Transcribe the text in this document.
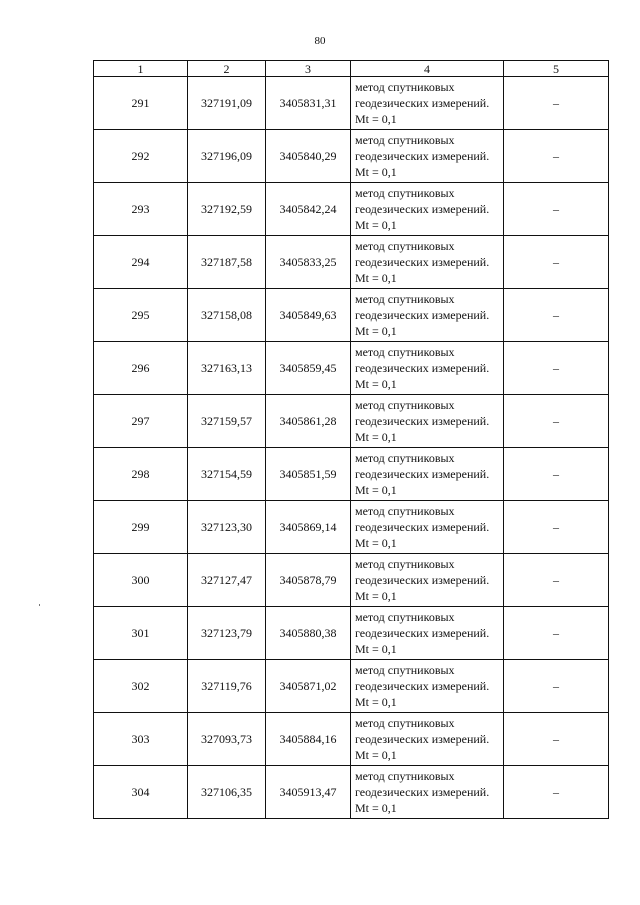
80
1	2	3	4	5
291	327191,09	3405831,31	метод спутниковых геодезических измерений. Mt = 0,1	–
292	327196,09	3405840,29	метод спутниковых геодезических измерений. Mt = 0,1	–
293	327192,59	3405842,24	метод спутниковых геодезических измерений. Mt = 0,1	–
294	327187,58	3405833,25	метод спутниковых геодезических измерений. Mt = 0,1	–
295	327158,08	3405849,63	метод спутниковых геодезических измерений. Mt = 0,1	–
296	327163,13	3405859,45	метод спутниковых геодезических измерений. Mt = 0,1	–
297	327159,57	3405861,28	метод спутниковых геодезических измерений. Mt = 0,1	–
298	327154,59	3405851,59	метод спутниковых геодезических измерений. Mt = 0,1	–
299	327123,30	3405869,14	метод спутниковых геодезических измерений. Mt = 0,1	–
300	327127,47	3405878,79	метод спутниковых геодезических измерений. Mt = 0,1	–
301	327123,79	3405880,38	метод спутниковых геодезических измерений. Mt = 0,1	–
302	327119,76	3405871,02	метод спутниковых геодезических измерений. Mt = 0,1	–
303	327093,73	3405884,16	метод спутниковых геодезических измерений. Mt = 0,1	–
304	327106,35	3405913,47	метод спутниковых геодезических измерений. Mt = 0,1	–
